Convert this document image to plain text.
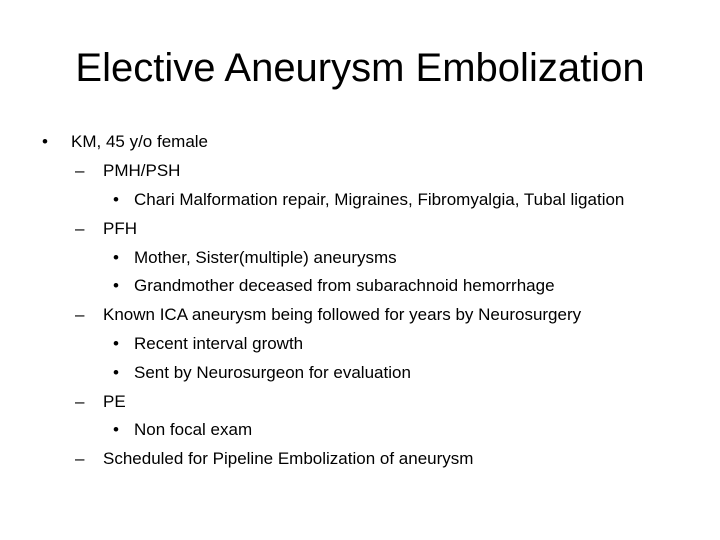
Elective Aneurysm Embolization
• KM, 45 y/o female
– PMH/PSH
• Chari Malformation repair, Migraines, Fibromyalgia, Tubal ligation
– PFH
• Mother, Sister(multiple) aneurysms
• Grandmother deceased from subarachnoid hemorrhage
– Known ICA aneurysm being followed for years by Neurosurgery
• Recent interval growth
• Sent by Neurosurgeon for evaluation
– PE
• Non focal exam
– Scheduled for Pipeline Embolization of aneurysm
